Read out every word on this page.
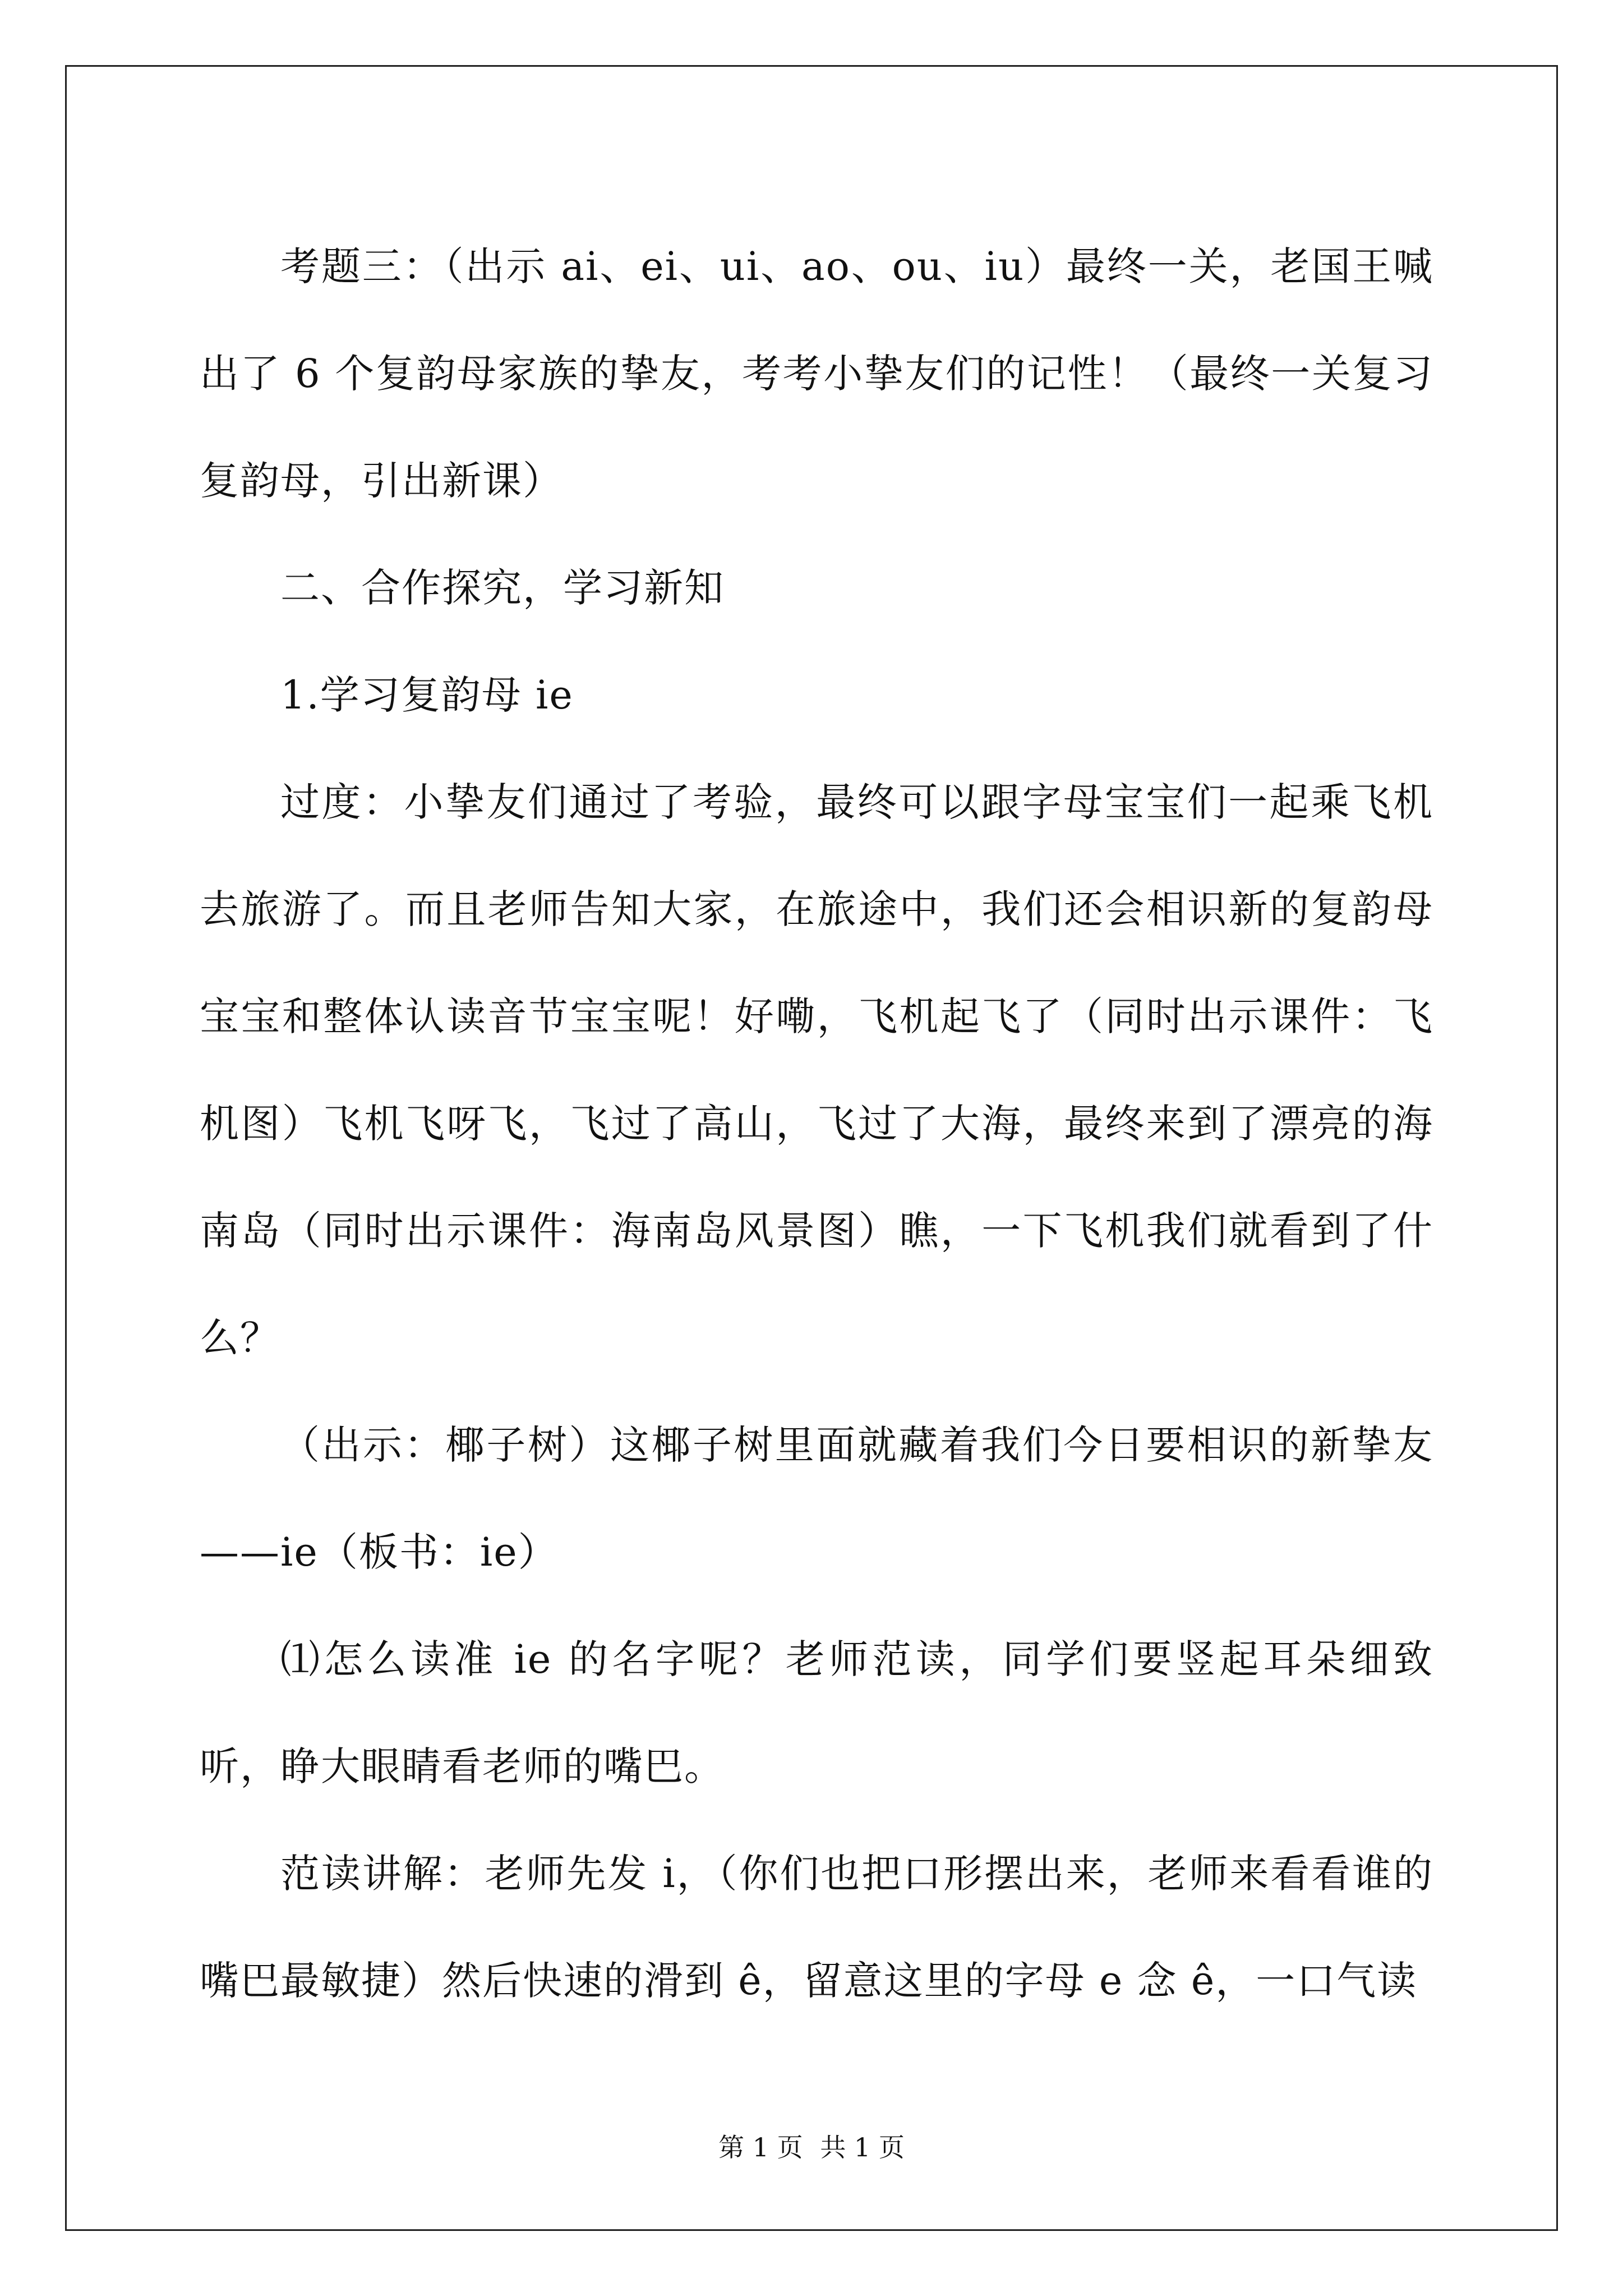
考题三：（出示 ai、ei、ui、ao、ou、iu）最终一关，老国王喊出了 6 个复韵母家族的挚友，考考小挚友们的记性！（最终一关复习复韵母，引出新课）

二、合作探究，学习新知

1.学习复韵母 ie

过度：小挚友们通过了考验，最终可以跟字母宝宝们一起乘飞机去旅游了。而且老师告知大家，在旅途中，我们还会相识新的复韵母宝宝和整体认读音节宝宝呢！好嘞，飞机起飞了（同时出示课件：飞机图）飞机飞呀飞，飞过了高山，飞过了大海，最终来到了漂亮的海南岛（同时出示课件：海南岛风景图）瞧，一下飞机我们就看到了什么？

（出示：椰子树）这椰子树里面就藏着我们今日要相识的新挚友——ie（板书：ie）

⑴怎么读准 ie 的名字呢？老师范读，同学们要竖起耳朵细致听，睁大眼睛看老师的嘴巴。

范读讲解：老师先发 i，（你们也把口形摆出来，老师来看看谁的嘴巴最敏捷）然后快速的滑到 ê，留意这里的字母 e 念 ê，一口气读

第 1 页 共 1 页
